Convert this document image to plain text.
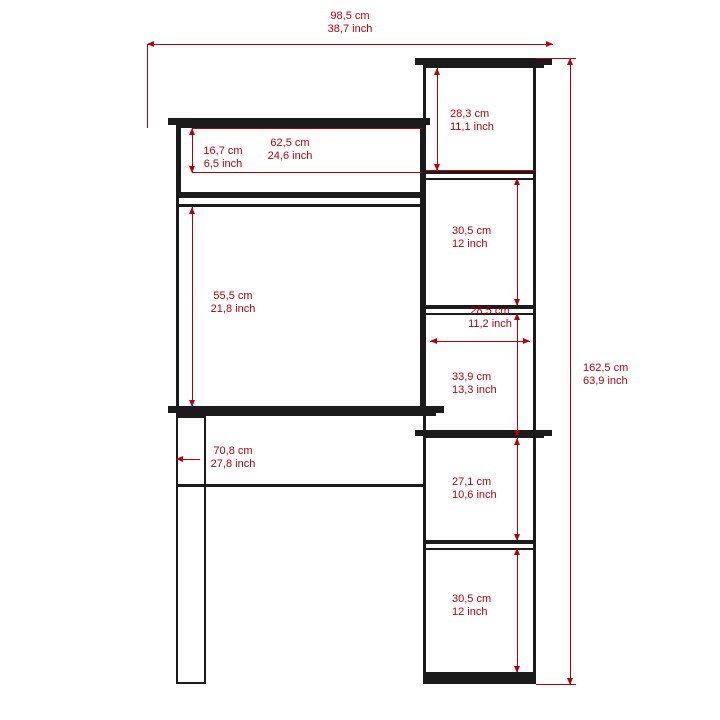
98,5 cm
38,7 inch
62,5 cm
24,6 inch
16,7 cm
6,5 inch
28,3 cm
11,1 inch
30,5 cm
12 inch
55,5 cm
21,8 inch	28,5 cm
11,2 inch
33,9 cm
13,3 inch
70,8 cm
27,8 inch
27,1 cm
10,6 inch
30,5 cm
12 inch
162,5 cm
63,9 inch
